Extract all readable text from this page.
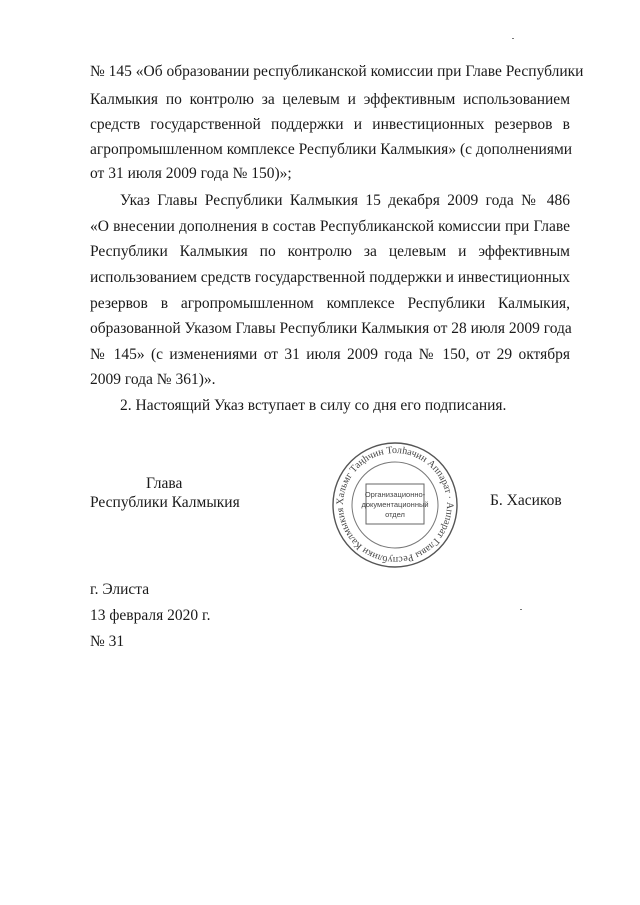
№ 145 «Об образовании республиканской комиссии при Главе Республики
Калмыкия по контролю за целевым и эффективным использованием
средств государственной поддержки и инвестиционных резервов в
агропромышленном комплексе Республики Калмыкия» (с дополнениями
от 31 июля 2009 года № 150)»;
Указ Главы Республики Калмыкия 15 декабря 2009 года № 486
«О внесении дополнения в состав Республиканской комиссии при Главе
Республики Калмыкия по контролю за целевым и эффективным
использованием средств государственной поддержки и инвестиционных
резервов в агропромышленном комплексе Республики Калмыкия,
образованной Указом Главы Республики Калмыкия от 28 июля 2009 года
№ 145» (с изменениями от 31 июля 2009 года № 150, от 29 октября
2009 года № 361)».
2. Настоящий Указ вступает в силу со дня его подписания.
Глава
Республики Калмыкия	Б. Хасиков
Хальмг Таңһчин Толһачин Аппарат · Аппарат Главы Республики Калмыкия
Организационно-
документационный
отдел
г. Элиста
13 февраля 2020 г.
№ 31
